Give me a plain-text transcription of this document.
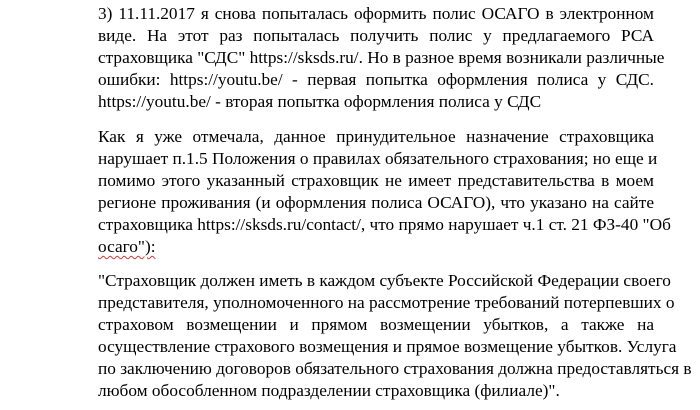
3) 11.11.2017 я снова попыталась оформить полис ОСАГО в электронном
виде. На этот раз попыталась получить полис у предлагаемого РСА
страховщика "СДС" https://sksds.ru/. Но в разное время возникали различные
ошибки: https://youtu.be/ - первая попытка оформления полиса у СДС.
https://youtu.be/ - вторая попытка оформления полиса у СДС
Как я уже отмечала, данное принудительное назначение страховщика
нарушает п.1.5 Положения о правилах обязательного страхования; но еще и
помимо этого указанный страховщик не имеет представительства в моем
регионе проживания (и оформления полиса ОСАГО), что указано на сайте
страховщика https://sksds.ru/contact/, что прямо нарушает ч.1 ст. 21 ФЗ-40 "Об
осаго"):
"Страховщик должен иметь в каждом субъекте Российской Федерации своего
представителя, уполномоченного на рассмотрение требований потерпевших о
страховом возмещении и прямом возмещении убытков, а также на
осуществление страхового возмещения и прямое возмещение убытков. Услуга
по заключению договоров обязательного страхования должна предоставляться в
любом обособленном подразделении страховщика (филиале)".
